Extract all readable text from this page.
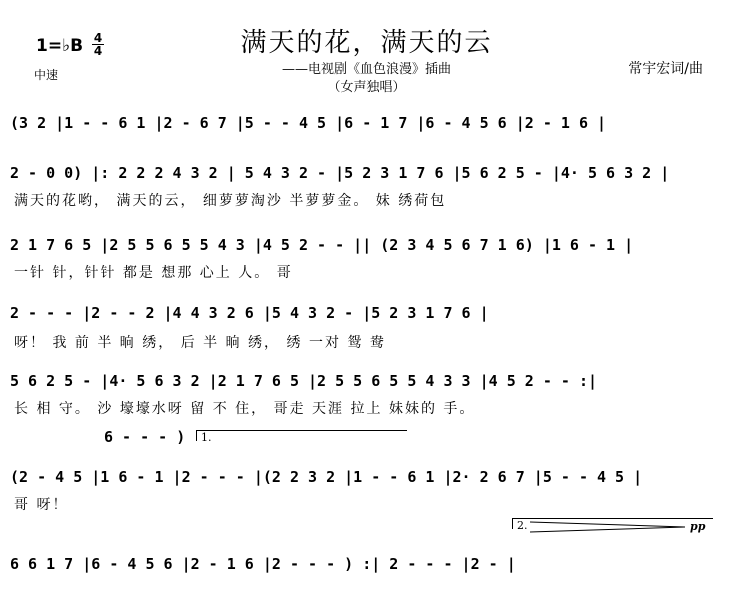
1=♭B 4
4
中速
满天的花，满天的云
——电视剧《血色浪漫》插曲
（女声独唱）
常宇宏词/曲
(3 2 |1 - - 6 1 |2 - 6 7 |5 - - 4 5 |6 - 1 7 |6 - 4 5 6 |2 - 1 6 |
2 - 0 0) |: 2 2 2 4 3 2 | 5 4 3 2 - |5 2 3 1 7 6 |5 6 2 5 - |4· 5 6 3 2 |
满天的花哟， 满天的云， 细萝萝淘沙 半萝萝金。 妹 绣荷包
2 1 7 6 5 |2 5 5 6 5 5 4 3 |4 5 2 - - || (2 3 4 5 6 7 1 6) |1 6 - 1 |
一针 针，针针 都是 想那 心上 人。 哥
2 - - - |2 - - 2 |4 4 3 2 6 |5 4 3 2 - |5 2 3 1 7 6 |
呀！ 我 前 半 晌 绣， 后 半 晌 绣， 绣 一对 鸳 鸯
5 6 2 5 - |4· 5 6 3 2 |2 1 7 6 5 |2 5 5 6 5 5 4 3 3 |4 5 2 - - :|
长 相 守。 沙 壕壕水呀 留 不 住， 哥走 天涯 拉上 妹妹的 手。
6 - - - )	1.
(2 - 4 5 |1 6 - 1 |2 - - - |(2 2 3 2 |1 - - 6 1 |2· 2 6 7 |5 - - 4 5 |
哥 呀！
2.	pp
6 6 1 7 |6 - 4 5 6 |2 - 1 6 |2 - - - ) :| 2 - - - |2 - |
